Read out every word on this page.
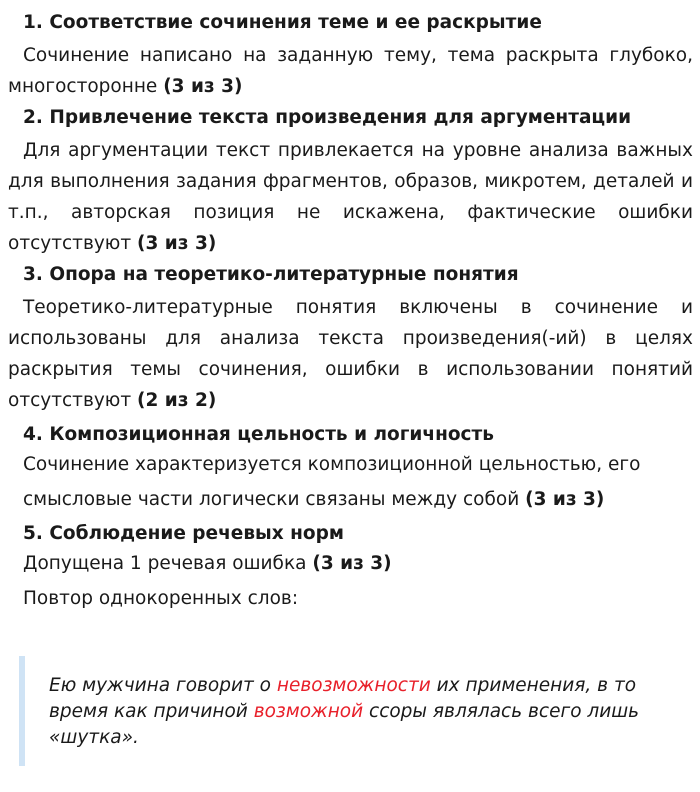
1. Соответствие сочинения теме и ее раскрытие

Сочинение написано на заданную тему, тема раскрыта глубоко, многосторонне (3 из 3)

2. Привлечение текста произведения для аргументации

Для аргументации текст привлекается на уровне анализа важных для выполнения задания фрагментов, образов, микротем, деталей и т.п., авторская позиция не искажена, фактические ошибки отсутствуют (3 из 3)

3. Опора на теоретико-литературные понятия

Теоретико-литературные понятия включены в сочинение и использованы для анализа текста произведения(-ий) в целях раскрытия темы сочинения, ошибки в использовании понятий отсутствуют (2 из 2)

4. Композиционная цельность и логичность

Сочинение характеризуется композиционной цельностью, его
смысловые части логически связаны между собой (3 из 3)

5. Соблюдение речевых норм

Допущена 1 речевая ошибка (3 из 3)

Повтор однокоренных слов:

Ею мужчина говорит о невозможности их применения, в то время как причиной возможной ссоры являлась всего лишь «шутка».
